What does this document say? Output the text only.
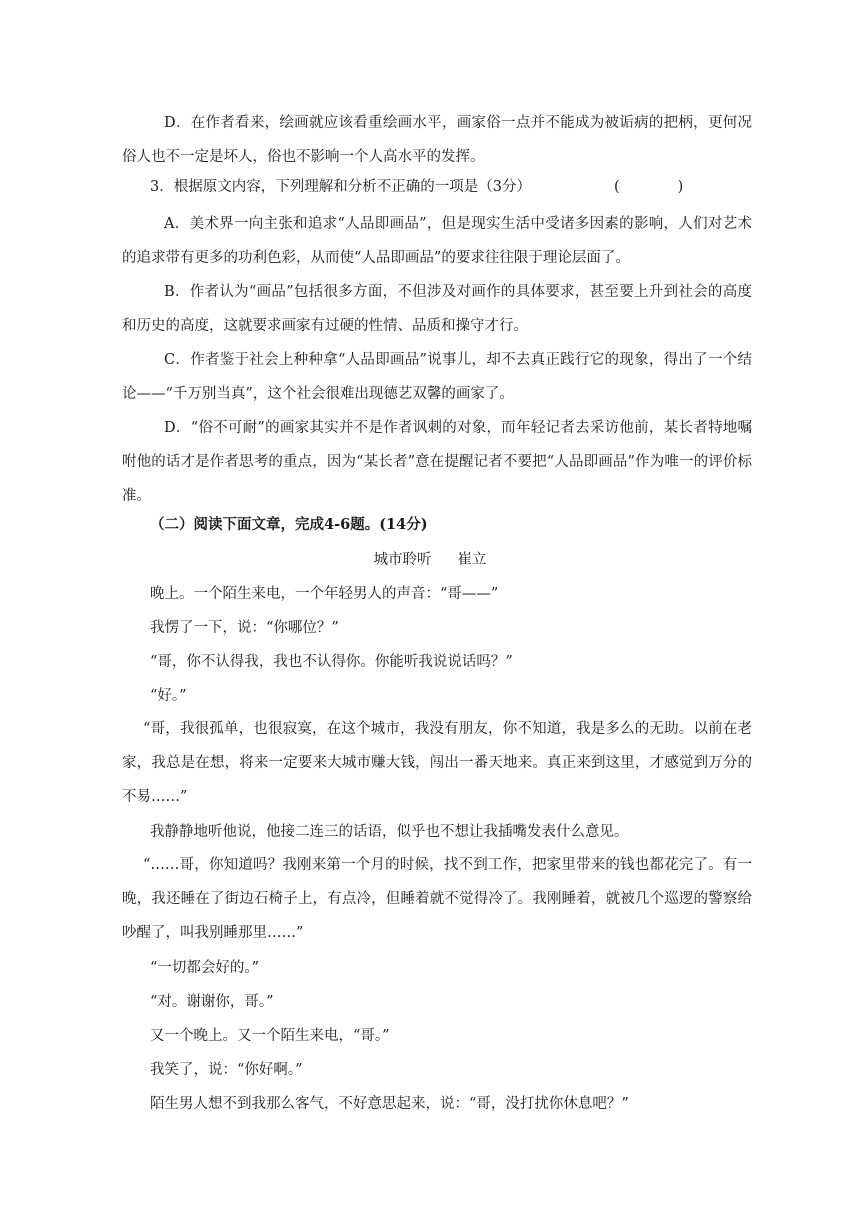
D．在作者看来，绘画就应该看重绘画水平，画家俗一点并不能成为被诟病的把柄，更何况俗人也不一定是坏人，俗也不影响一个人高水平的发挥。

3．根据原文内容，下列理解和分析不正确的一项是（3分）	(　　　　)

A．美术界一向主张和追求“人品即画品”，但是现实生活中受诸多因素的影响，人们对艺术的追求带有更多的功利色彩，从而使“人品即画品”的要求往往限于理论层面了。

B．作者认为“画品”包括很多方面，不但涉及对画作的具体要求，甚至要上升到社会的高度和历史的高度，这就要求画家有过硬的性情、品质和操守才行。

C．作者鉴于社会上种种拿“人品即画品”说事儿，却不去真正践行它的现象，得出了一个结论——“千万别当真”，这个社会很难出现德艺双馨的画家了。

D．“俗不可耐”的画家其实并不是作者讽刺的对象，而年轻记者去采访他前，某长者特地嘱咐他的话才是作者思考的重点，因为“某长者”意在提醒记者不要把“人品即画品”作为唯一的评价标准。

（二）阅读下面文章，完成4-6题。(14分)
城市聆听 崔立
晚上。一个陌生来电，一个年轻男人的声音：“哥——”
我愣了一下，说：“你哪位？”
“哥，你不认得我，我也不认得你。你能听我说说话吗？”
“好。”

“哥，我很孤单，也很寂寞，在这个城市，我没有朋友，你不知道，我是多么的无助。以前在老家，我总是在想，将来一定要来大城市赚大钱，闯出一番天地来。真正来到这里，才感觉到万分的不易……”

我静静地听他说，他接二连三的话语，似乎也不想让我插嘴发表什么意见。

“……哥，你知道吗？我刚来第一个月的时候，找不到工作，把家里带来的钱也都花完了。有一晚，我还睡在了街边石椅子上，有点冷，但睡着就不觉得冷了。我刚睡着，就被几个巡逻的警察给吵醒了，叫我别睡那里……”

“一切都会好的。”
“对。谢谢你，哥。”
又一个晚上。又一个陌生来电，“哥。”
我笑了，说：“你好啊。”
陌生男人想不到我那么客气，不好意思起来，说：“哥，没打扰你休息吧？”
